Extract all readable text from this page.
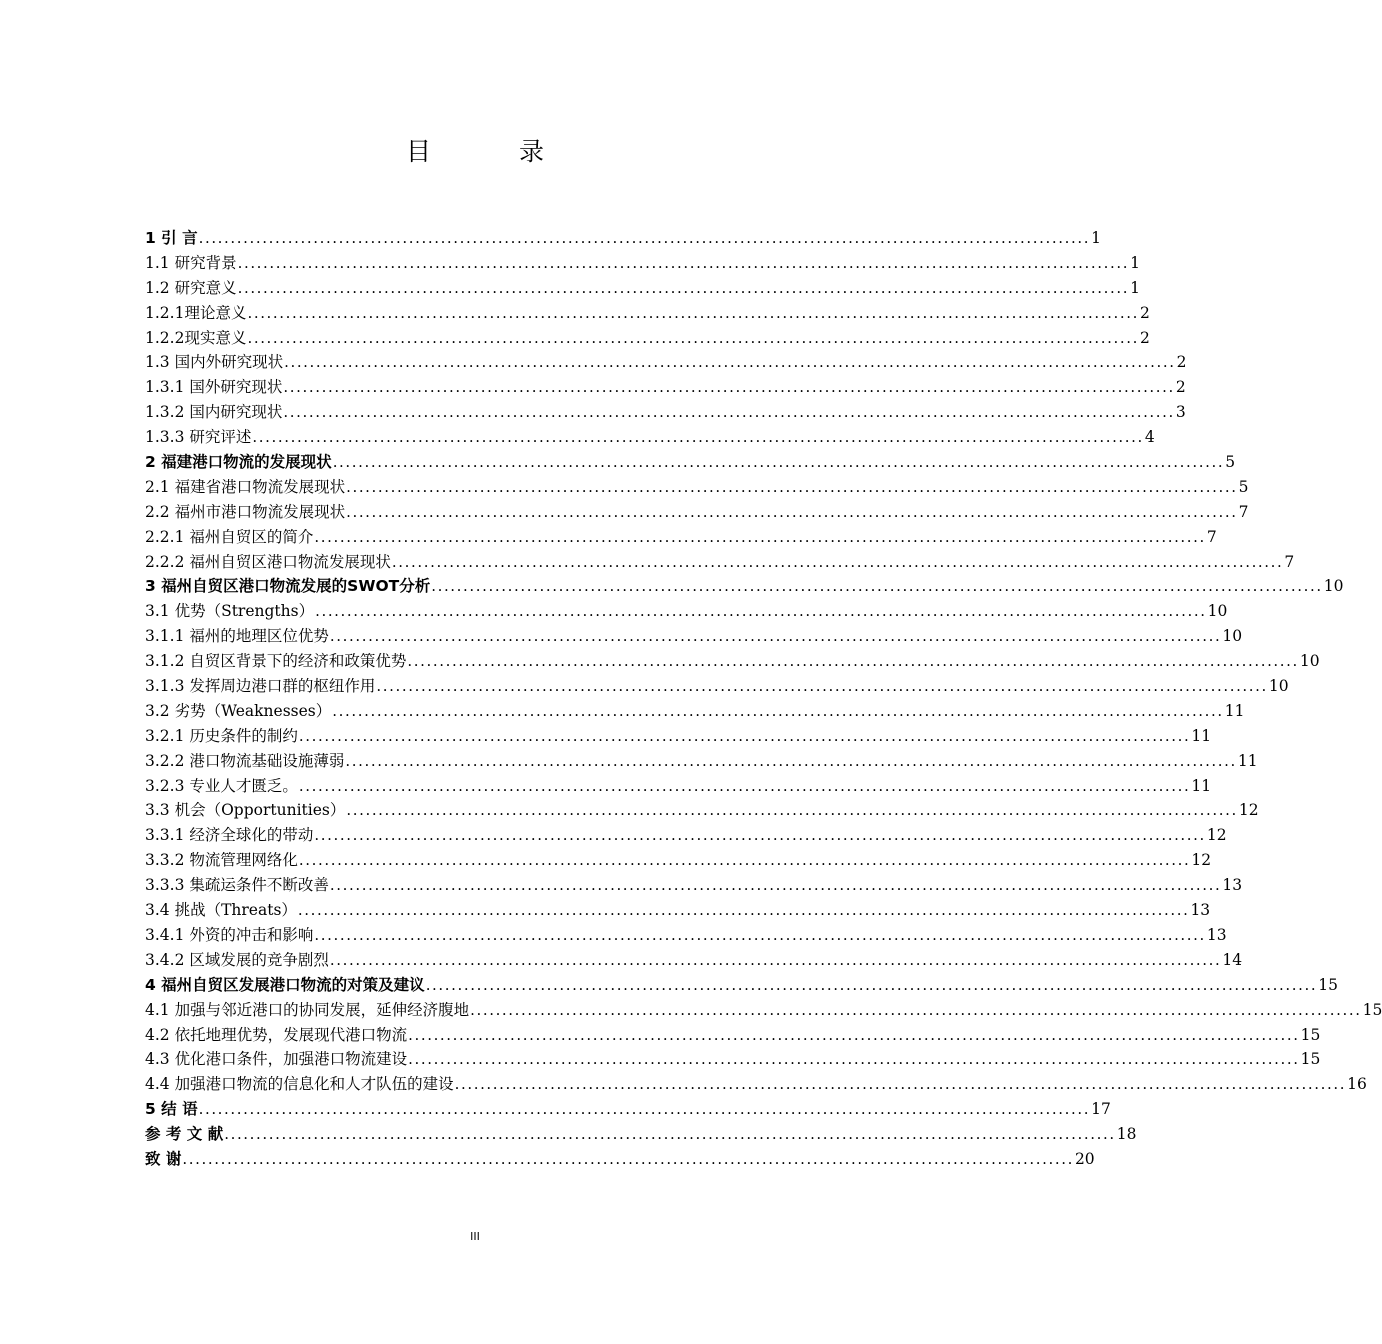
目 录
1 引 言 ............................................................................................................................................ 1
1.1 研究背景 ............................................................................................................................................ 1
1.2 研究意义 ............................................................................................................................................ 1
1.2.1理论意义 ............................................................................................................................................ 2
1.2.2现实意义 ............................................................................................................................................ 2
1.3 国内外研究现状 ............................................................................................................................................ 2
1.3.1 国外研究现状 ............................................................................................................................................ 2
1.3.2 国内研究现状 ............................................................................................................................................ 3
1.3.3 研究评述 ............................................................................................................................................ 4
2 福建港口物流的发展现状 ............................................................................................................................................ 5
2.1 福建省港口物流发展现状 ............................................................................................................................................ 5
2.2 福州市港口物流发展现状 ............................................................................................................................................ 7
2.2.1 福州自贸区的简介 ............................................................................................................................................ 7
2.2.2 福州自贸区港口物流发展现状 ............................................................................................................................................ 7
3 福州自贸区港口物流发展的SWOT分析 ............................................................................................................................................ 10
3.1 优势（Strengths） ............................................................................................................................................ 10
3.1.1 福州的地理区位优势 ............................................................................................................................................ 10
3.1.2 自贸区背景下的经济和政策优势 ............................................................................................................................................ 10
3.1.3 发挥周边港口群的枢纽作用 ............................................................................................................................................ 10
3.2 劣势（Weaknesses） ............................................................................................................................................ 11
3.2.1 历史条件的制约 ............................................................................................................................................ 11
3.2.2 港口物流基础设施薄弱 ............................................................................................................................................ 11
3.2.3 专业人才匮乏。 ............................................................................................................................................ 11
3.3 机会（Opportunities） ............................................................................................................................................ 12
3.3.1 经济全球化的带动 ............................................................................................................................................ 12
3.3.2 物流管理网络化 ............................................................................................................................................ 12
3.3.3 集疏运条件不断改善 ............................................................................................................................................ 13
3.4 挑战（Threats） ............................................................................................................................................ 13
3.4.1 外资的冲击和影响 ............................................................................................................................................ 13
3.4.2 区域发展的竞争剧烈 ............................................................................................................................................ 14
4 福州自贸区发展港口物流的对策及建议 ............................................................................................................................................ 15
4.1 加强与邻近港口的协同发展，延伸经济腹地 ............................................................................................................................................ 15
4.2 依托地理优势，发展现代港口物流 ............................................................................................................................................ 15
4.3 优化港口条件，加强港口物流建设 ............................................................................................................................................ 15
4.4 加强港口物流的信息化和人才队伍的建设 ............................................................................................................................................ 16
5 结 语 ............................................................................................................................................ 17
参 考 文 献 ............................................................................................................................................ 18
致 谢 ............................................................................................................................................ 20
III
